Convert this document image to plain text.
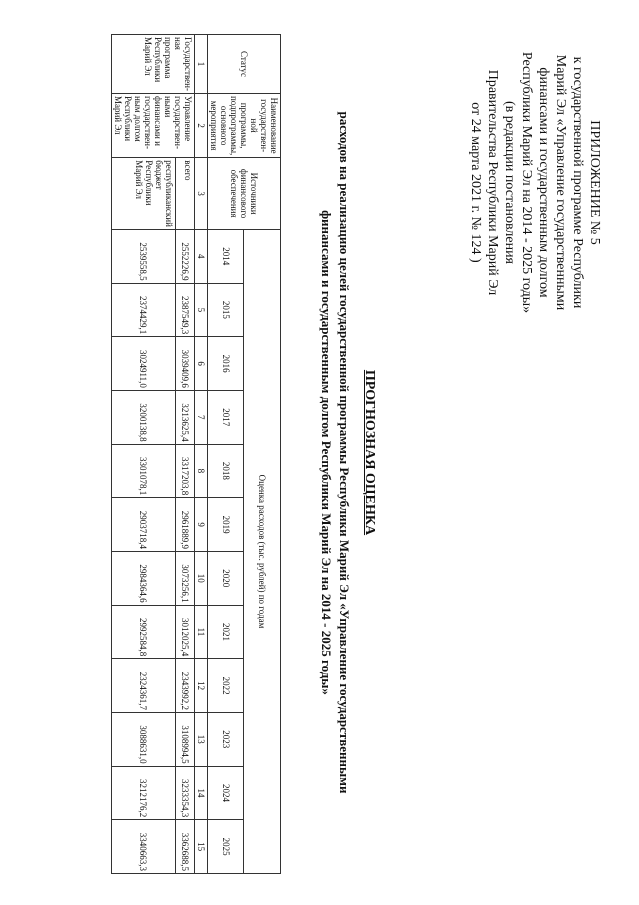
ПРИЛОЖЕНИЕ № 5
к государственной программе Республики
Марий Эл «Управление государственными
финансами и государственным долгом
Республики Марий Эл на 2014 - 2025 годы»
(в редакции постановления
Правительства Республики Марий Эл
от 24 марта 2021 г. № 124 )
ПРОГНОЗНАЯ ОЦЕНКА
расходов на реализацию целей государственной программы Республики Марий Эл «Управление государственными
финансами и государственным долгом Республики Марий Эл на 2014 - 2025 годы»
Статус	Наименование государствен-ной программы, подпрограммы, основного мероприятия	Источники финансового обеспечения	Оценка расходов (тыс. рублей) по годам											
			2014	2015	2016	2017	2018	2019	2020	2021	2022	2023	2024	2025
1	2	3	4	5	6	7	8	9	10	11	12	13	14	15
Государствен-ная программа Республики Марий Эл	Управление государствен-ными финансами и государствен-ным долгом Республики Марий Эл	всего	2552226,9	2387549,3	3039409,6	3213625,4	3317203,8	2961889,9	3073256,1	3012025,4	2343992,2	3108994,5	3233354,3	3362688,5
		республиканский бюджет Республики Марий Эл	2539558,5	2374429,1	3024911,0	3200138,8	3301078,1	2903718,4	2984364,6	2992584,8	2324361,7	3088631,0	3212176,2	3340663,3
